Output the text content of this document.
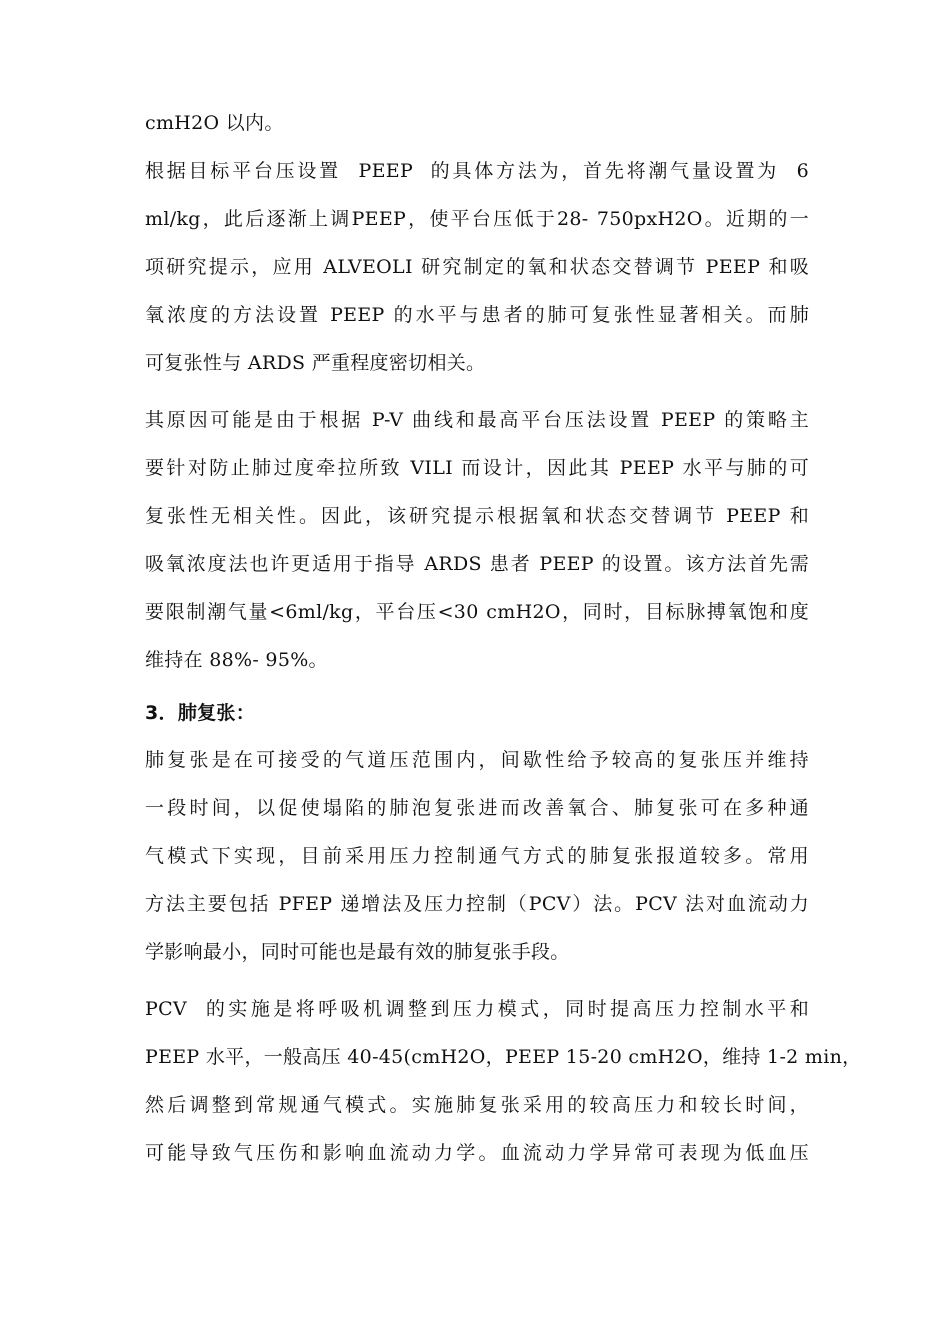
cmH2O 以内。
根据目标平台压设置  PEEP  的具体方法为，首先将潮气量设置为  6
ml/kg，此后逐渐上调PEEP，使平台压低于28- 750pxH2O。近期的一
项研究提示，应用 ALVEOLI 研究制定的氧和状态交替调节 PEEP 和吸
氧浓度的方法设置 PEEP 的水平与患者的肺可复张性显著相关。而肺
可复张性与 ARDS 严重程度密切相关。
其原因可能是由于根据 P-V 曲线和最高平台压法设置 PEEP 的策略主
要针对防止肺过度牵拉所致 VILI 而设计，因此其 PEEP 水平与肺的可
复张性无相关性。因此，该研究提示根据氧和状态交替调节 PEEP 和
吸氧浓度法也许更适用于指导 ARDS 患者 PEEP 的设置。该方法首先需
要限制潮气量<6ml/kg，平台压<30 cmH2O，同时，目标脉搏氧饱和度
维持在 88%- 95%。
3．肺复张：
肺复张是在可接受的气道压范围内，间歇性给予较高的复张压并维持
一段时间，以促使塌陷的肺泡复张进而改善氧合、肺复张可在多种通
气模式下实现，目前采用压力控制通气方式的肺复张报道较多。常用
方法主要包括 PFEP 递增法及压力控制（PCV）法。PCV 法对血流动力
学影响最小，同时可能也是最有效的肺复张手段。
PCV  的实施是将呼吸机调整到压力模式，同时提高压力控制水平和
PEEP 水平，一般高压 40-45(cmH2O，PEEP 15-20 cmH2O，维持 1-2 min，
然后调整到常规通气模式。实施肺复张采用的较高压力和较长时间，
可能导致气压伤和影响血流动力学。血流动力学异常可表现为低血压
